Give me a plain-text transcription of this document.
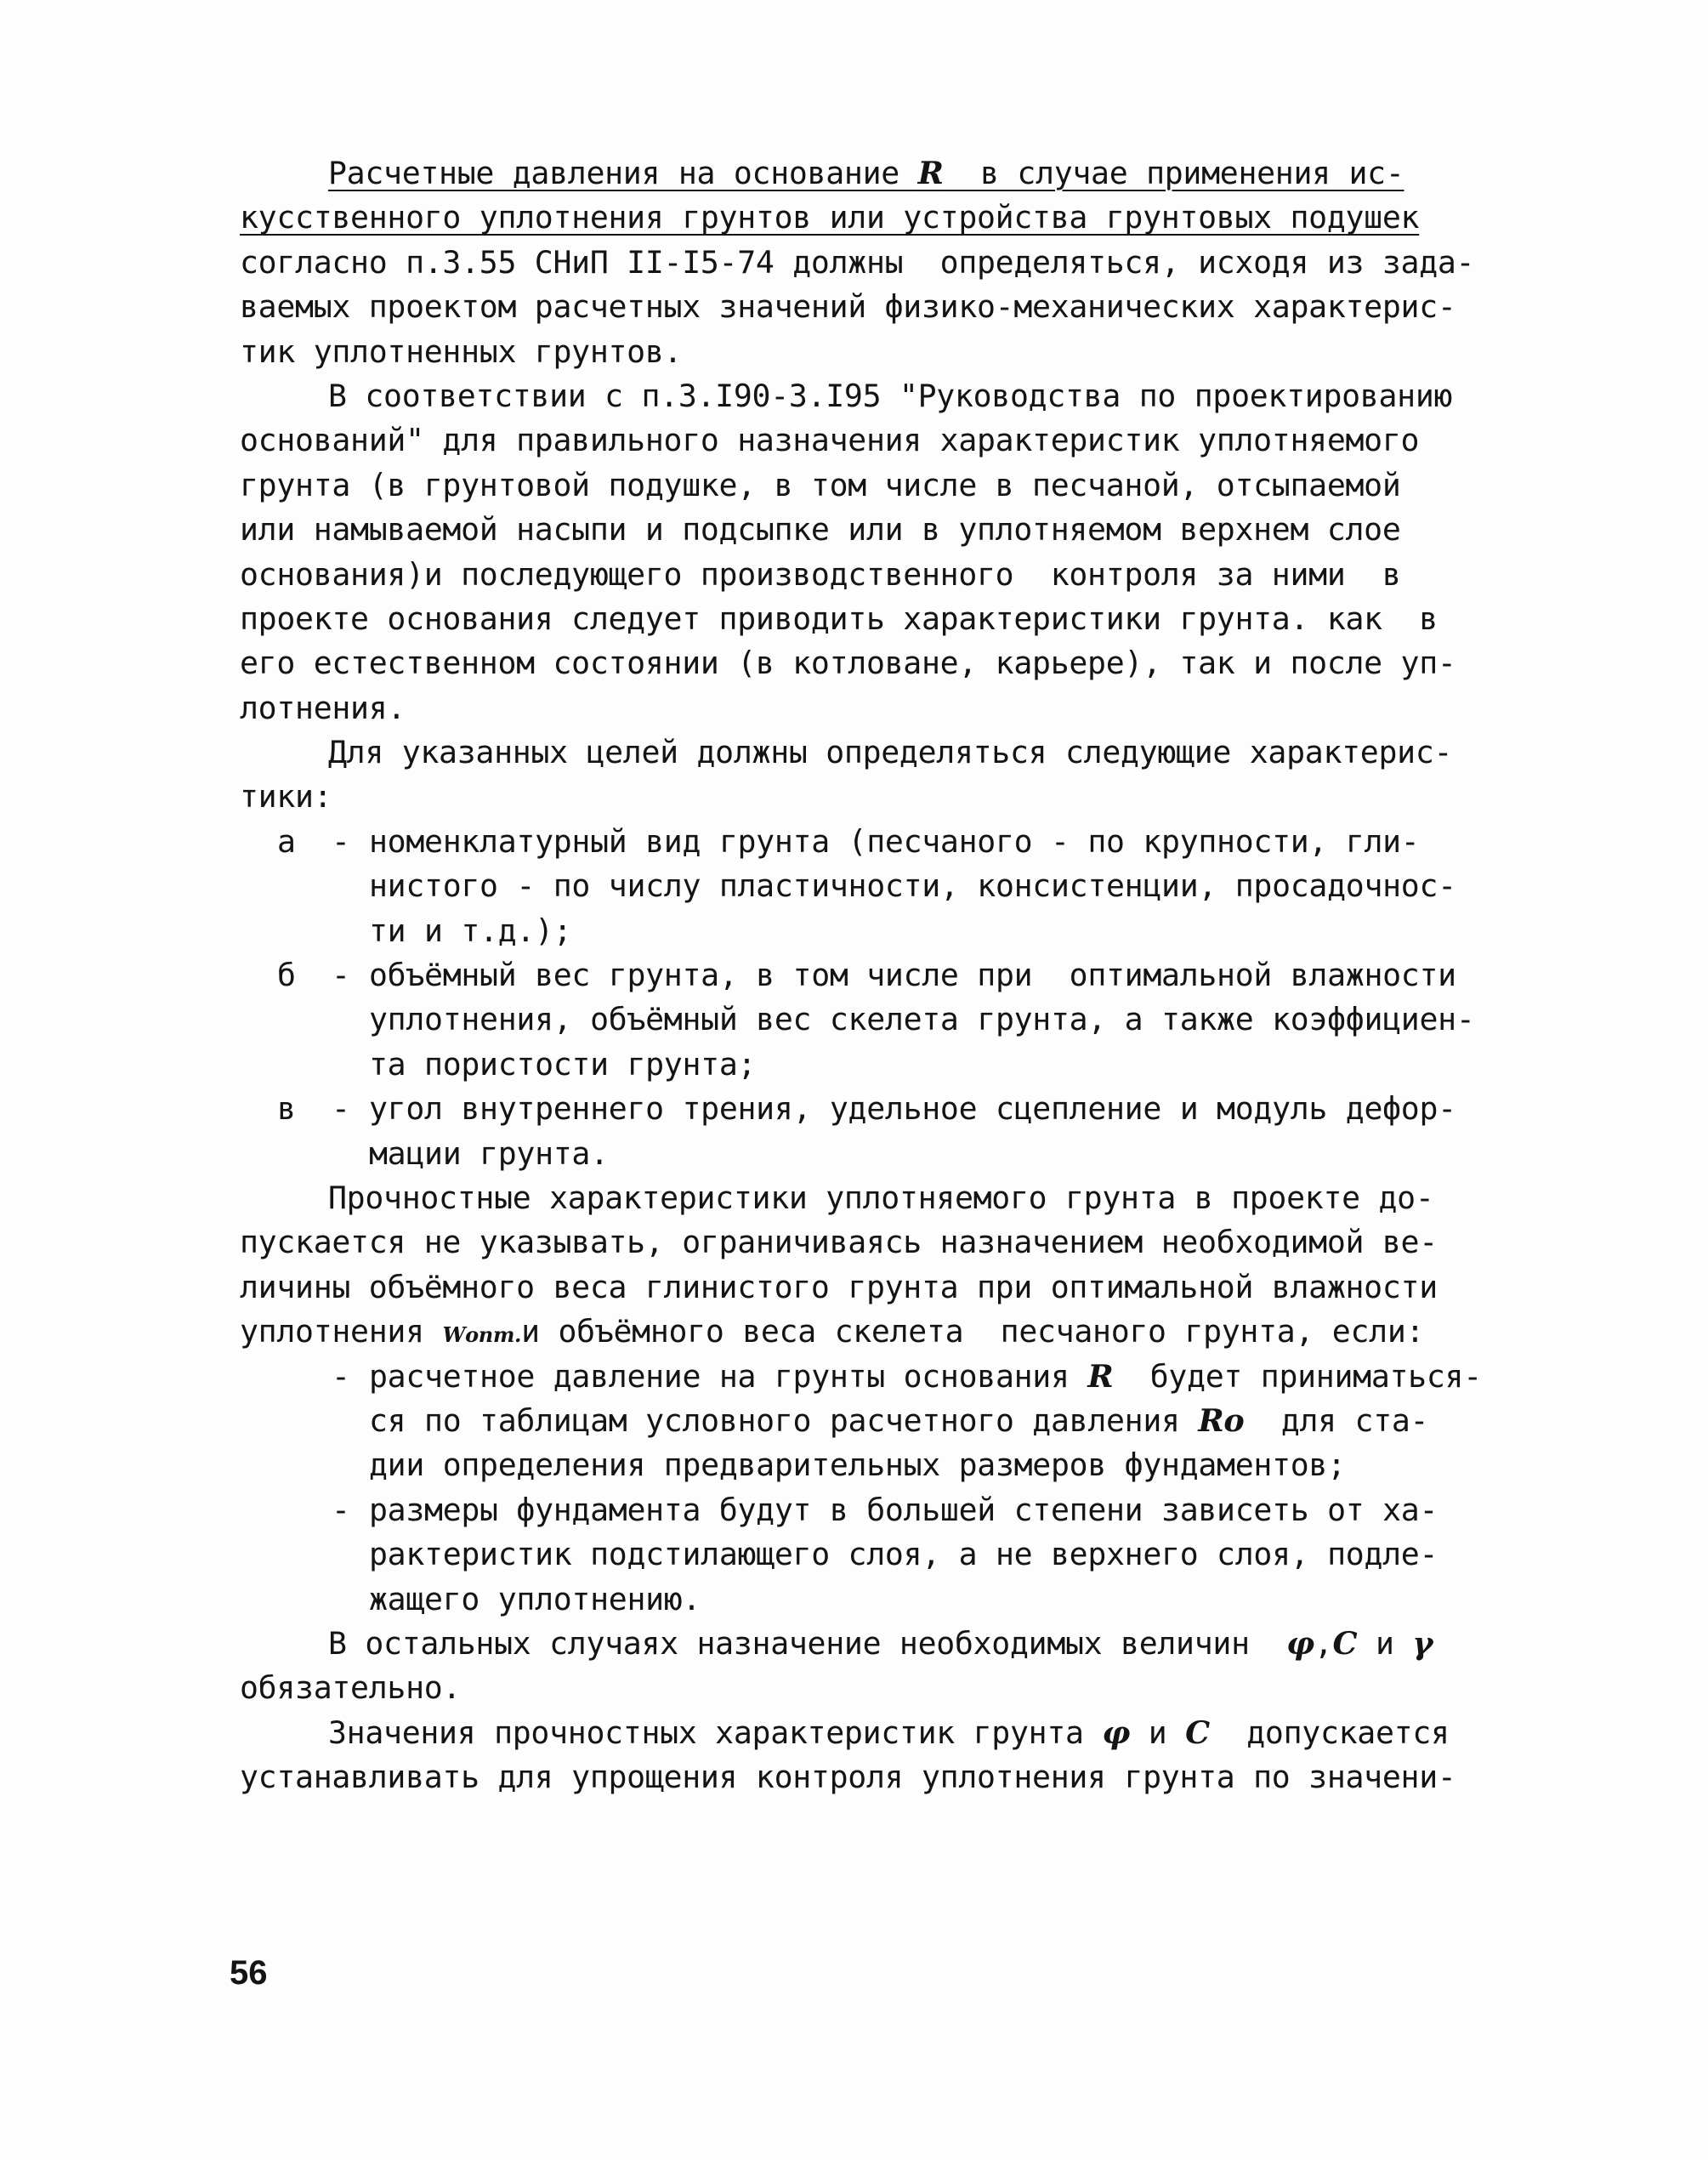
Расчетные давления на основание R  в случае применения ис-
кусственного уплотнения грунтов или устройства грунтовых подушек
согласно п.3.55 СНиП II-I5-74 должны  определяться, исходя из зада-
ваемых проектом расчетных значений физико-механических характерис-
тик уплотненных грунтов.
В соответствии с п.3.I90-3.I95 "Руководства по проектированию
оснований" для правильного назначения характеристик уплотняемого
грунта (в грунтовой подушке, в том числе в песчаной, отсыпаемой
или намываемой насыпи и подсыпке или в уплотняемом верхнем слое
основания)и последующего производственного  контроля за ними  в
проекте основания следует приводить характеристики грунта. как  в
его естественном состоянии (в котловане, карьере), так и после уп-
лотнения.
Для указанных целей должны определяться следующие характерис-
тики:

а

-

номенклатурный вид грунта (песчаного - по крупности, гли-

нистого - по числу пластичности, консистенции, просадочнос-
ти и т.д.);

б

-

объёмный вес грунта, в том числе при  оптимальной влажности

уплотнения, объёмный вес скелета грунта, а также коэффициен-
та пористости грунта;

в

-

угол внутреннего трения, удельное сцепление и модуль дефор-

мации грунта.
Прочностные характеристики уплотняемого грунта в проекте до-
пускается не указывать, ограничиваясь назначением необходимой ве-
личины объёмного веса глинистого грунта при оптимальной влажности
уплотнения Wопт.и объёмного веса скелета  песчаного грунта, если:

-

расчетное давление на грунты основания R  будет приниматься-

ся по таблицам условного расчетного давления Ro  для ста-
дии определения предварительных размеров фундаментов;

-

размеры фундамента будут в большей степени зависеть от ха-

рактеристик подстилающего слоя, а не верхнего слоя, подле-
жащего уплотнению.
В остальных случаях назначение необходимых величин  φ,C и γ
обязательно.
Значения прочностных характеристик грунта φ и C  допускается
устанавливать для упрощения контроля уплотнения грунта по значени-
56
